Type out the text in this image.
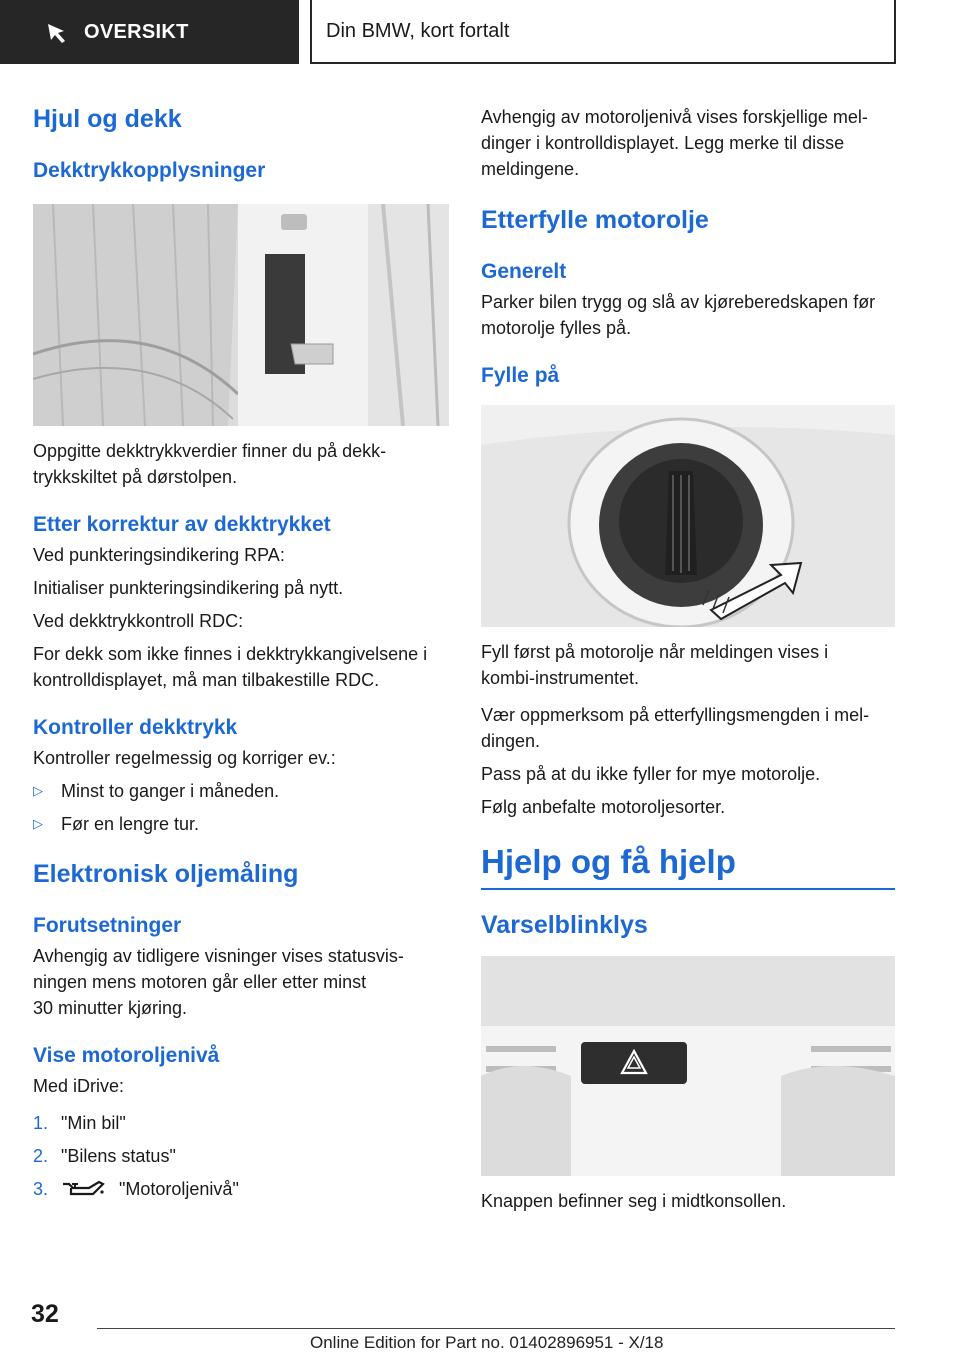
OVERSIKT	Din BMW, kort fortalt
Hjul og dekk
Dekktrykkopplysninger

Oppgitte dekktrykkverdier finner du på dekk‐

trykkskiltet på dørstolpen.

Etter korrektur av dekktrykket

Ved punkteringsindikering RPA:

Initialiser punkteringsindikering på nytt.

Ved dekktrykkontroll RDC:

For dekk som ikke finnes i dekktrykkangivelsene i

kontrolldisplayet, må man tilbakestille RDC.

Kontroller dekktrykk

Kontroller regelmessig og korriger ev.:

▷	Minst to ganger i måneden.
▷	Før en lengre tur.
Elektronisk oljemåling
Forutsetninger

Avhengig av tidligere visninger vises statusvis‐

ningen mens motoren går eller etter minst

30 minutter kjøring.

Vise motoroljenivå

Med iDrive:

1. "Min bil"
2. "Bilens status"
3.	"Motoroljenivå"

Avhengig av motoroljenivå vises forskjellige mel‐

dinger i kontrolldisplayet. Legg merke til disse

meldingene.

Etterfylle motorolje
Generelt

Parker bilen trygg og slå av kjøreberedskapen før

motorolje fylles på.

Fylle på

Fyll først på motorolje når meldingen vises i

kombi-instrumentet.

Vær oppmerksom på etterfyllingsmengden i mel‐

dingen.

Pass på at du ikke fyller for mye motorolje.

Følg anbefalte motoroljesorter.

Hjelp og få hjelp
Varselblinklys

Knappen befinner seg i midtkonsollen.

32
Online Edition for Part no. 01402896951 - X/18
